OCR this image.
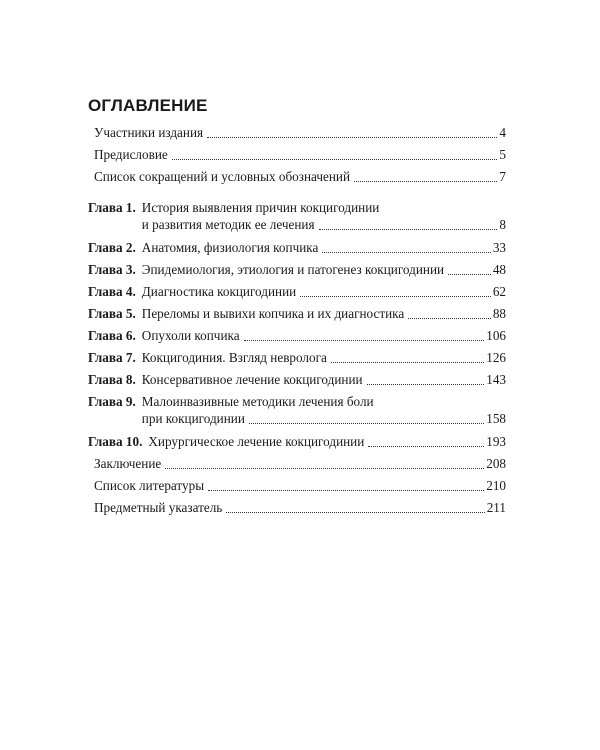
ОГЛАВЛЕНИЕ
Участники издания	4
Предисловие	5
Список сокращений и условных обозначений	7
Глава 1. История выявления причин кокцигодинии
и развития методик ее лечения	8
Глава 2. Анатомия, физиология копчика	33
Глава 3. Эпидемиология, этиология и патогенез кокцигодинии	48
Глава 4. Диагностика кокцигодинии	62
Глава 5. Переломы и вывихи копчика и их диагностика	88
Глава 6. Опухоли копчика	106
Глава 7. Кокцигодиния. Взгляд невролога	126
Глава 8. Консервативное лечение кокцигодинии	143
Глава 9. Малоинвазивные методики лечения боли
при кокцигодинии	158
Глава 10. Хирургическое лечение кокцигодинии	193
Заключение	208
Список литературы	210
Предметный указатель	211
